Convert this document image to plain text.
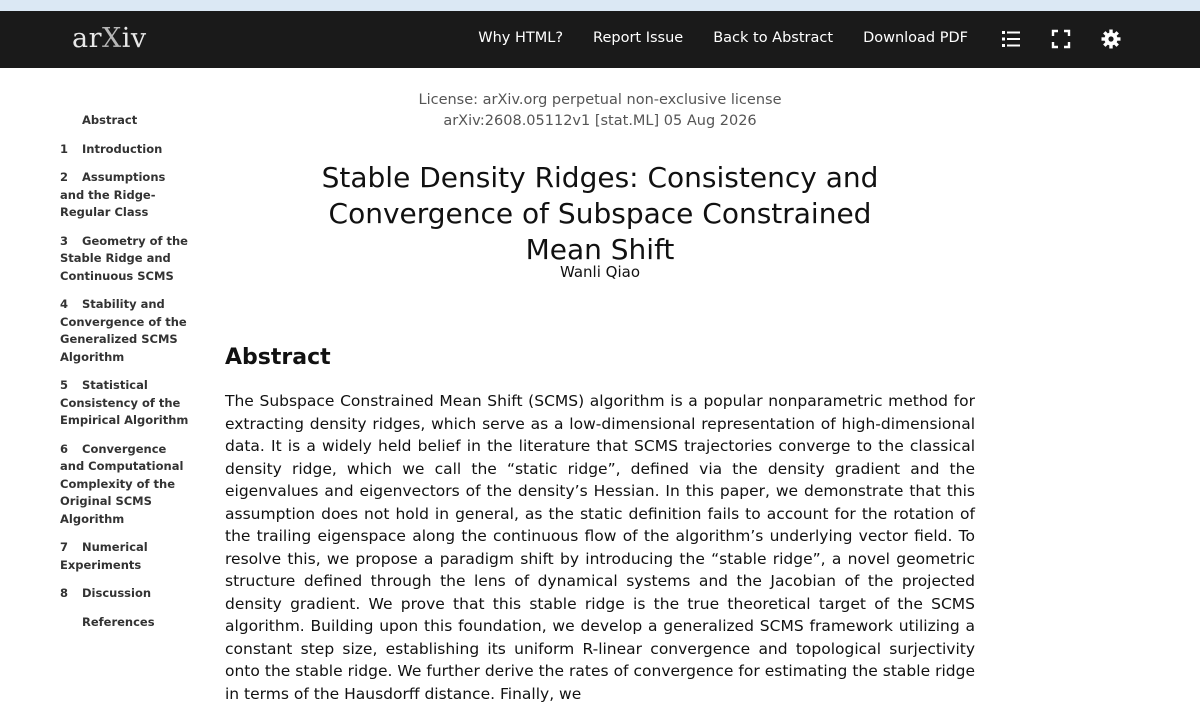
arXiv	Why HTML? Report Issue Back to Abstract Download PDF
Abstract
1 Introduction
2 Assumptions and the Ridge-Regular Class
3 Geometry of the Stable Ridge and Continuous SCMS
4 Stability and Convergence of the Generalized SCMS Algorithm
5 Statistical Consistency of the Empirical Algorithm
6 Convergence and Computational Complexity of the Original SCMS Algorithm
7 Numerical Experiments
8 Discussion
References
License: arXiv.org perpetual non-exclusive license
arXiv:2608.05112v1 [stat.ML] 05 Aug 2026
Stable Density Ridges: Consistency and
Convergence of Subspace Constrained Mean Shift
Wanli Qiao
Abstract
The Subspace Constrained Mean Shift (SCMS) algorithm is a popular nonparametric method for extracting density ridges, which serve as a low-dimensional representation of high-dimensional data. It is a widely held belief in the literature that SCMS trajectories converge to the classical density ridge, which we call the “static ridge”, defined via the density gradient and the eigenvalues and eigenvectors of the density’s Hessian. In this paper, we demonstrate that this assumption does not hold in general, as the static definition fails to account for the rotation of the trailing eigenspace along the continuous flow of the algorithm’s underlying vector field. To resolve this, we propose a paradigm shift by introducing the “stable ridge”, a novel geometric structure defined through the lens of dynamical systems and the Jacobian of the projected density gradient. We prove that this stable ridge is the true theoretical target of the SCMS algorithm. Building upon this foundation, we develop a generalized SCMS framework utilizing a constant step size, establishing its uniform R-linear convergence and topological surjectivity onto the stable ridge. We further derive the rates of convergence for estimating the stable ridge in terms of the Hausdorff distance. Finally, we
